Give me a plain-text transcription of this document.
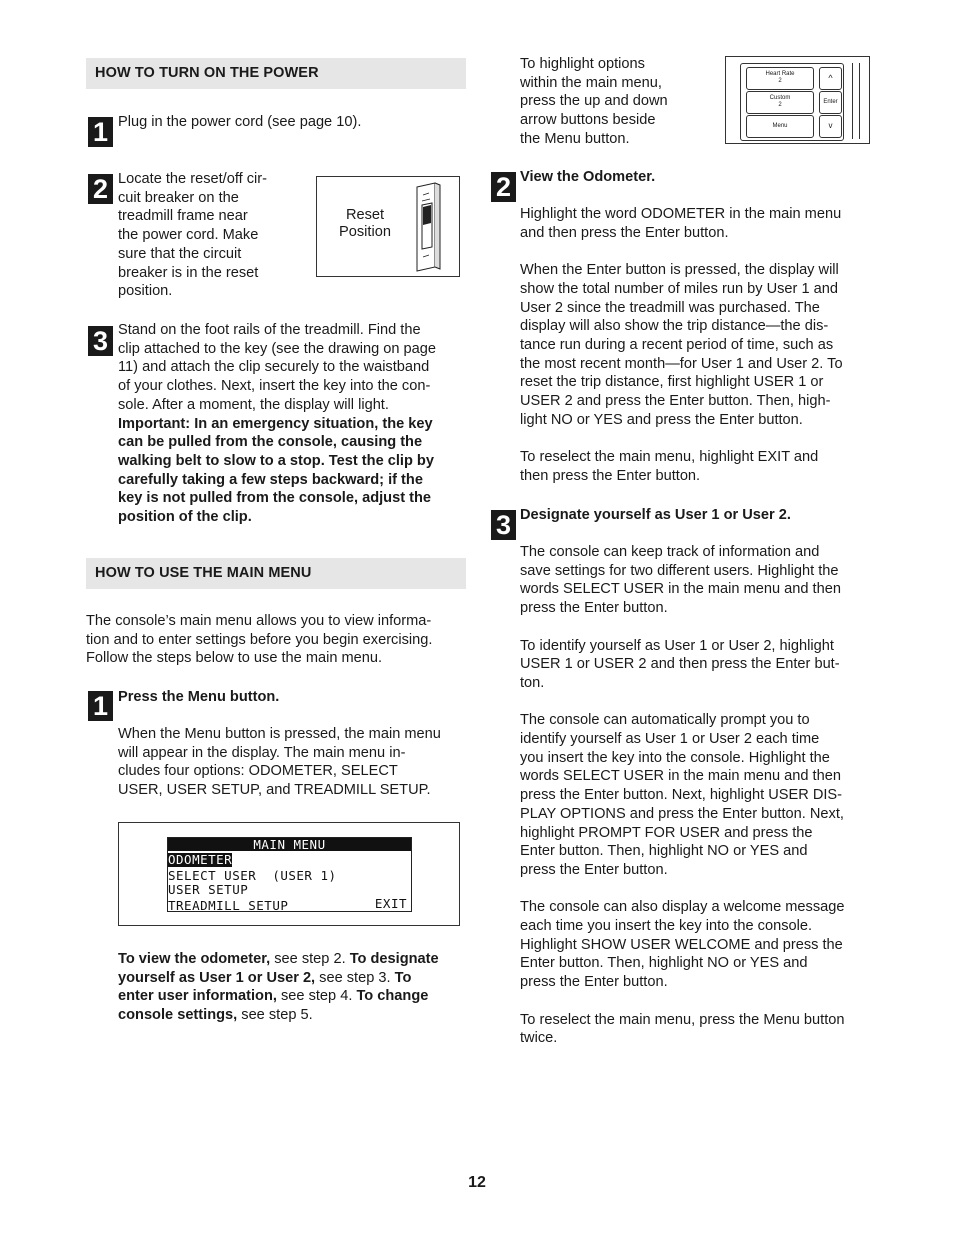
HOW TO TURN ON THE POWER
1 Plug in the power cord (see page 10).

2 Locate the reset/off cir-
cuit breaker on the
treadmill frame near
the power cord. Make
sure that the circuit
breaker is in the reset
position.
Reset
Position
3 Stand on the foot rails of the treadmill. Find the
clip attached to the key (see the drawing on page
11) and attach the clip securely to the waistband
of your clothes. Next, insert the key into the con-
sole. After a moment, the display will light.
Important: In an emergency situation, the key
can be pulled from the console, causing the
walking belt to slow to a stop. Test the clip by
carefully taking a few steps backward; if the
key is not pulled from the console, adjust the
position of the clip.
HOW TO USE THE MAIN MENU
The console’s main menu allows you to view informa-
tion and to enter settings before you begin exercising.
Follow the steps below to use the main menu.
1 Press the Menu button.
When the Menu button is pressed, the main menu
will appear in the display. The main menu in-
cludes four options: ODOMETER, SELECT
USER, USER SETUP, and TREADMILL SETUP.
MAIN MENU
ODOMETER
SELECT USER  (USER 1)
USER SETUP
TREADMILL SETUP	EXIT
To view the odometer, see step 2. To designate
yourself as User 1 or User 2, see step 3. To
enter user information, see step 4. To change
console settings, see step 5.
To highlight options
within the main menu,
press the up and down
arrow buttons beside
the Menu button.
Heart Rate
2
Custom
2
Menu
^
Enter
v
2 View the Odometer.
Highlight the word ODOMETER in the main menu
and then press the Enter button.
When the Enter button is pressed, the display will
show the total number of miles run by User 1 and
User 2 since the treadmill was purchased. The
display will also show the trip distance—the dis-
tance run during a recent period of time, such as
the most recent month—for User 1 and User 2. To
reset the trip distance, first highlight USER 1 or
USER 2 and press the Enter button. Then, high-
light NO or YES and press the Enter button.
To reselect the main menu, highlight EXIT and
then press the Enter button.
3 Designate yourself as User 1 or User 2.
The console can keep track of information and
save settings for two different users. Highlight the
words SELECT USER in the main menu and then
press the Enter button.
To identify yourself as User 1 or User 2, highlight
USER 1 or USER 2 and then press the Enter but-
ton.
The console can automatically prompt you to
identify yourself as User 1 or User 2 each time
you insert the key into the console. Highlight the
words SELECT USER in the main menu and then
press the Enter button. Next, highlight USER DIS-
PLAY OPTIONS and press the Enter button. Next,
highlight PROMPT FOR USER and press the
Enter button. Then, highlight NO or YES and
press the Enter button.
The console can also display a welcome message
each time you insert the key into the console.
Highlight SHOW USER WELCOME and press the
Enter button. Then, highlight NO or YES and
press the Enter button.
To reselect the main menu, press the Menu button
twice.
12
